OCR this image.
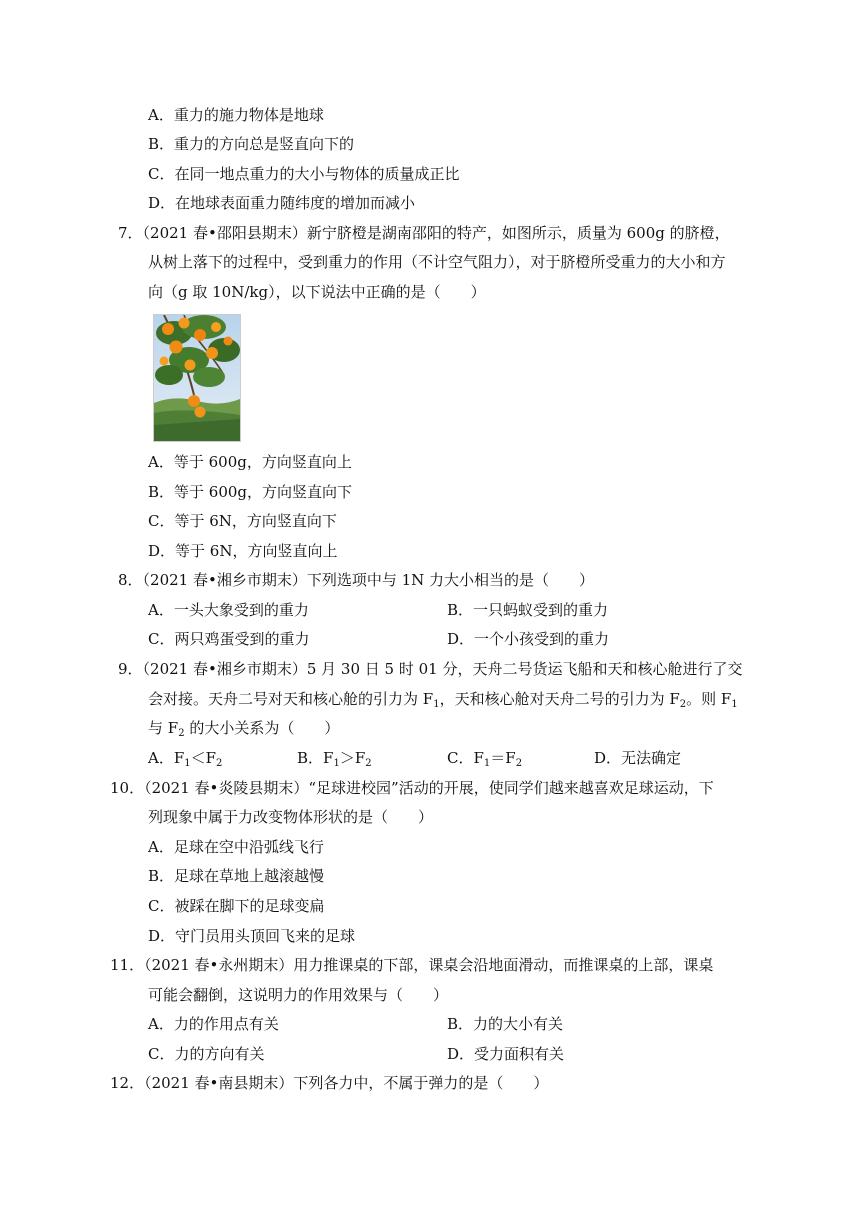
A．重力的施力物体是地球
B．重力的方向总是竖直向下的
C．在同一地点重力的大小与物体的质量成正比
D．在地球表面重力随纬度的增加而减小
7．（2021 春•邵阳县期末）新宁脐橙是湖南邵阳的特产，如图所示，质量为 600g 的脐橙，
从树上落下的过程中，受到重力的作用（不计空气阻力），对于脐橙所受重力的大小和方
向（g 取 10N/kg），以下说法中正确的是（　　）
A．等于 600g，方向竖直向上
B．等于 600g，方向竖直向下
C．等于 6N，方向竖直向下
D．等于 6N，方向竖直向上
8．（2021 春•湘乡市期末）下列选项中与 1N 力大小相当的是（　　）
A．一头大象受到的重力	B．一只蚂蚁受到的重力
C．两只鸡蛋受到的重力	D．一个小孩受到的重力
9．（2021 春•湘乡市期末）5 月 30 日 5 时 01 分，天舟二号货运飞船和天和核心舱进行了交
会对接。天舟二号对天和核心舱的引力为 $F_1$，天和核心舱对天舟二号的引力为 $F_2$。则 $F_1$
与 $F_2$ 的大小关系为（　　）
A．$F_1<F_2$	B．$F_1>F_2$	C．$F_1=F_2$	D．无法确定
10．（2021 春•炎陵县期末）“足球进校园”活动的开展，使同学们越来越喜欢足球运动，下
列现象中属于力改变物体形状的是（　　）
A．足球在空中沿弧线飞行
B．足球在草地上越滚越慢
C．被踩在脚下的足球变扁
D．守门员用头顶回飞来的足球
11．（2021 春•永州期末）用力推课桌的下部，课桌会沿地面滑动，而推课桌的上部，课桌
可能会翻倒，这说明力的作用效果与（　　）
A．力的作用点有关	B．力的大小有关
C．力的方向有关	D．受力面积有关
12．（2021 春•南县期末）下列各力中，不属于弹力的是（　　）
